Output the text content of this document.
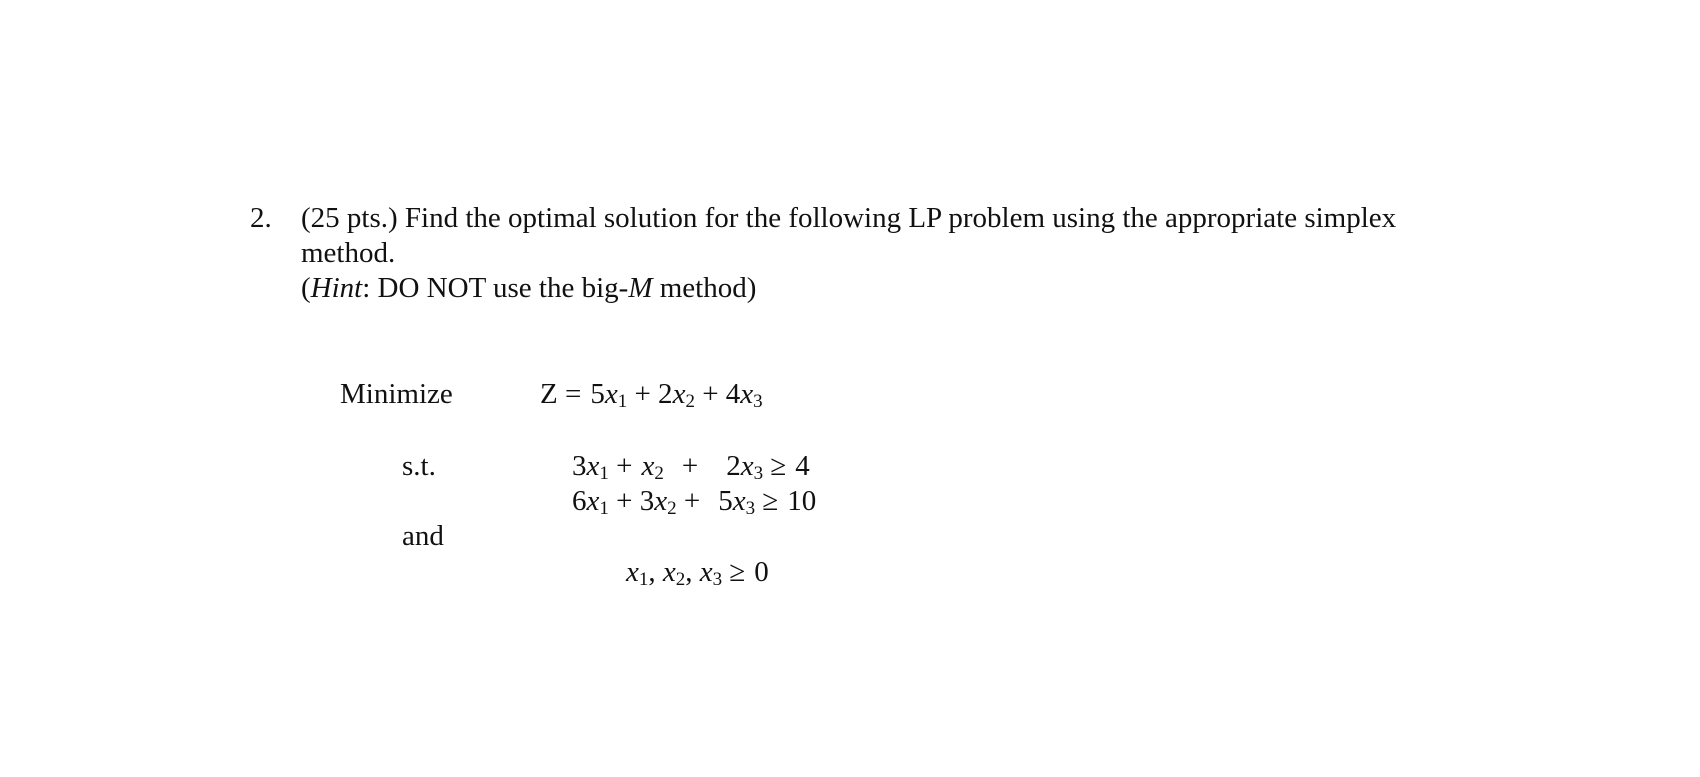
2. (25 pts.) Find the optimal solution for the following LP problem using the appropriate simplex
method.
(Hint: DO NOT use the big-M method)
Minimize	$Z = 5x_1 + 2x_2 + 4x_3$
s.t.	$3x_1 + x_2 + 2x_3 \ge 4$
$6x_1 + 3x_2 + 5x_3 \ge 10$
and
$x_1$, $x_2$, $x_3 \ge 0$
